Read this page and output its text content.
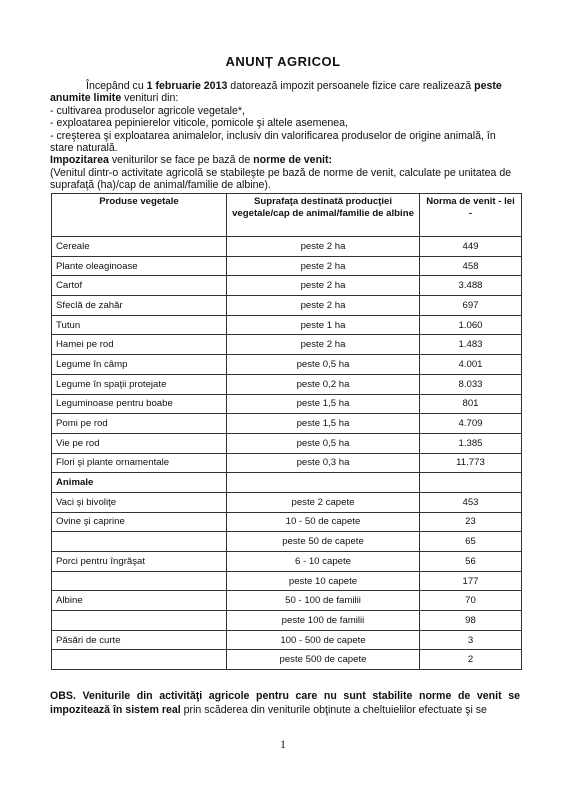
ANUNȚ AGRICOL

Începând cu 1 februarie 2013 datorează impozit persoanele fizice care realizează peste anumite limite venituri din:

- cultivarea produselor agricole vegetale*,

- exploatarea pepinierelor viticole, pomicole şi altele asemenea,

- creşterea şi exploatarea animalelor, inclusiv din valorificarea produselor de origine animală, în stare naturală.

Impozitarea veniturilor se face pe bază de norme de venit:

(Venitul dintr-o activitate agricolă se stabileşte pe bază de norme de venit, calculate pe unitatea de suprafaţă (ha)/cap de animal/familie de albine).

Produse vegetale	Suprafaţa destinată producţiei vegetale/cap de animal/familie de albine	Norma de venit - lei -
Cereale	peste 2 ha	449
Plante oleaginoase	peste 2 ha	458
Cartof	peste 2 ha	3.488
Sfeclă de zahăr	peste 2 ha	697
Tutun	peste 1 ha	1.060
Hamei pe rod	peste 2 ha	1.483
Legume în câmp	peste 0,5 ha	4.001
Legume în spaţii protejate	peste 0,2 ha	8.033
Leguminoase pentru boabe	peste 1,5 ha	801
Pomi pe rod	peste 1,5 ha	4.709
Vie pe rod	peste 0,5 ha	1.385
Flori şi plante ornamentale	peste 0,3 ha	11.773
Animale		
Vaci şi bivoliţe	peste 2 capete	453
Ovine şi caprine	10 - 50 de capete	23
	peste 50 de capete	65
Porci pentru îngrăşat	6 - 10 capete	56
	peste 10 capete	177
Albine	50 - 100 de familii	70
	peste 100 de familii	98
Păsări de curte	100 - 500 de capete	3
	peste 500 de capete	2
OBS. Veniturile din activităţi agricole pentru care nu sunt stabilite norme de venit se impozitează în sistem real prin scăderea din veniturile obţinute a cheltuielilor efectuate şi se
1
